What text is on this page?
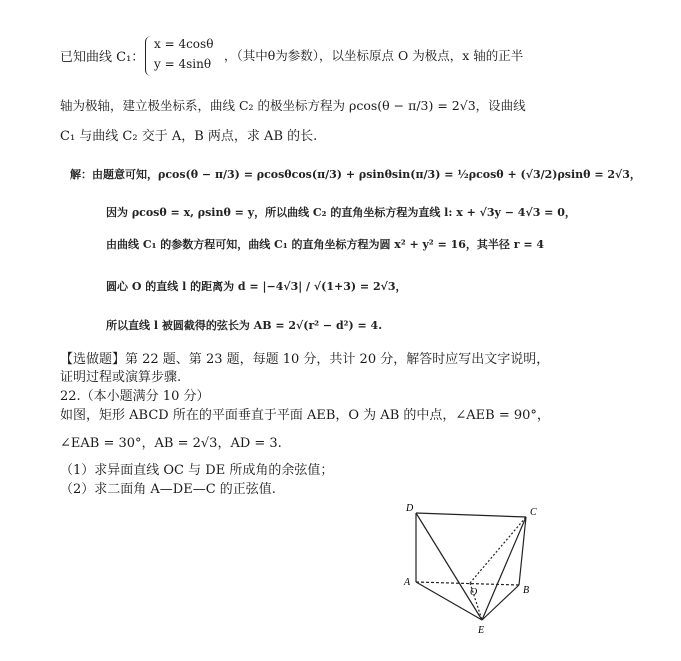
已知曲线 C₁：
x = 4cosθ
y = 4sinθ
，（其中θ为参数），以坐标原点 O 为极点，x 轴的正半
轴为极轴，建立极坐标系，曲线 C₂ 的极坐标方程为 ρcos(θ − π/3) = 2√3，设曲线
C₁ 与曲线 C₂ 交于 A，B 两点，求 AB 的长.
解：由题意可知，ρcos(θ − π/3) = ρcosθcos(π/3) + ρsinθsin(π/3) = ½ρcosθ + (√3/2)ρsinθ = 2√3，
因为 ρcosθ = x, ρsinθ = y，所以曲线 C₂ 的直角坐标方程为直线 l: x + √3y − 4√3 = 0，
由曲线 C₁ 的参数方程可知，曲线 C₁ 的直角坐标方程为圆 x² + y² = 16，其半径 r = 4
圆心 O 的直线 l 的距离为 d = |−4√3| / √(1+3) = 2√3，
所以直线 l 被圆截得的弦长为 AB = 2√(r² − d²) = 4.
【选做题】第 22 题、第 23 题，每题 10 分，共计 20 分，解答时应写出文字说明，
证明过程或演算步骤.
22.（本小题满分 10 分）
如图，矩形 ABCD 所在的平面垂直于平面 AEB，O 为 AB 的中点，∠AEB = 90°，
∠EAB = 30°，AB = 2√3，AD = 3.
（1）求异面直线 OC 与 DE 所成角的余弦值；
（2）求二面角 A—DE—C 的正弦值.
D	C
A
B
O
E
